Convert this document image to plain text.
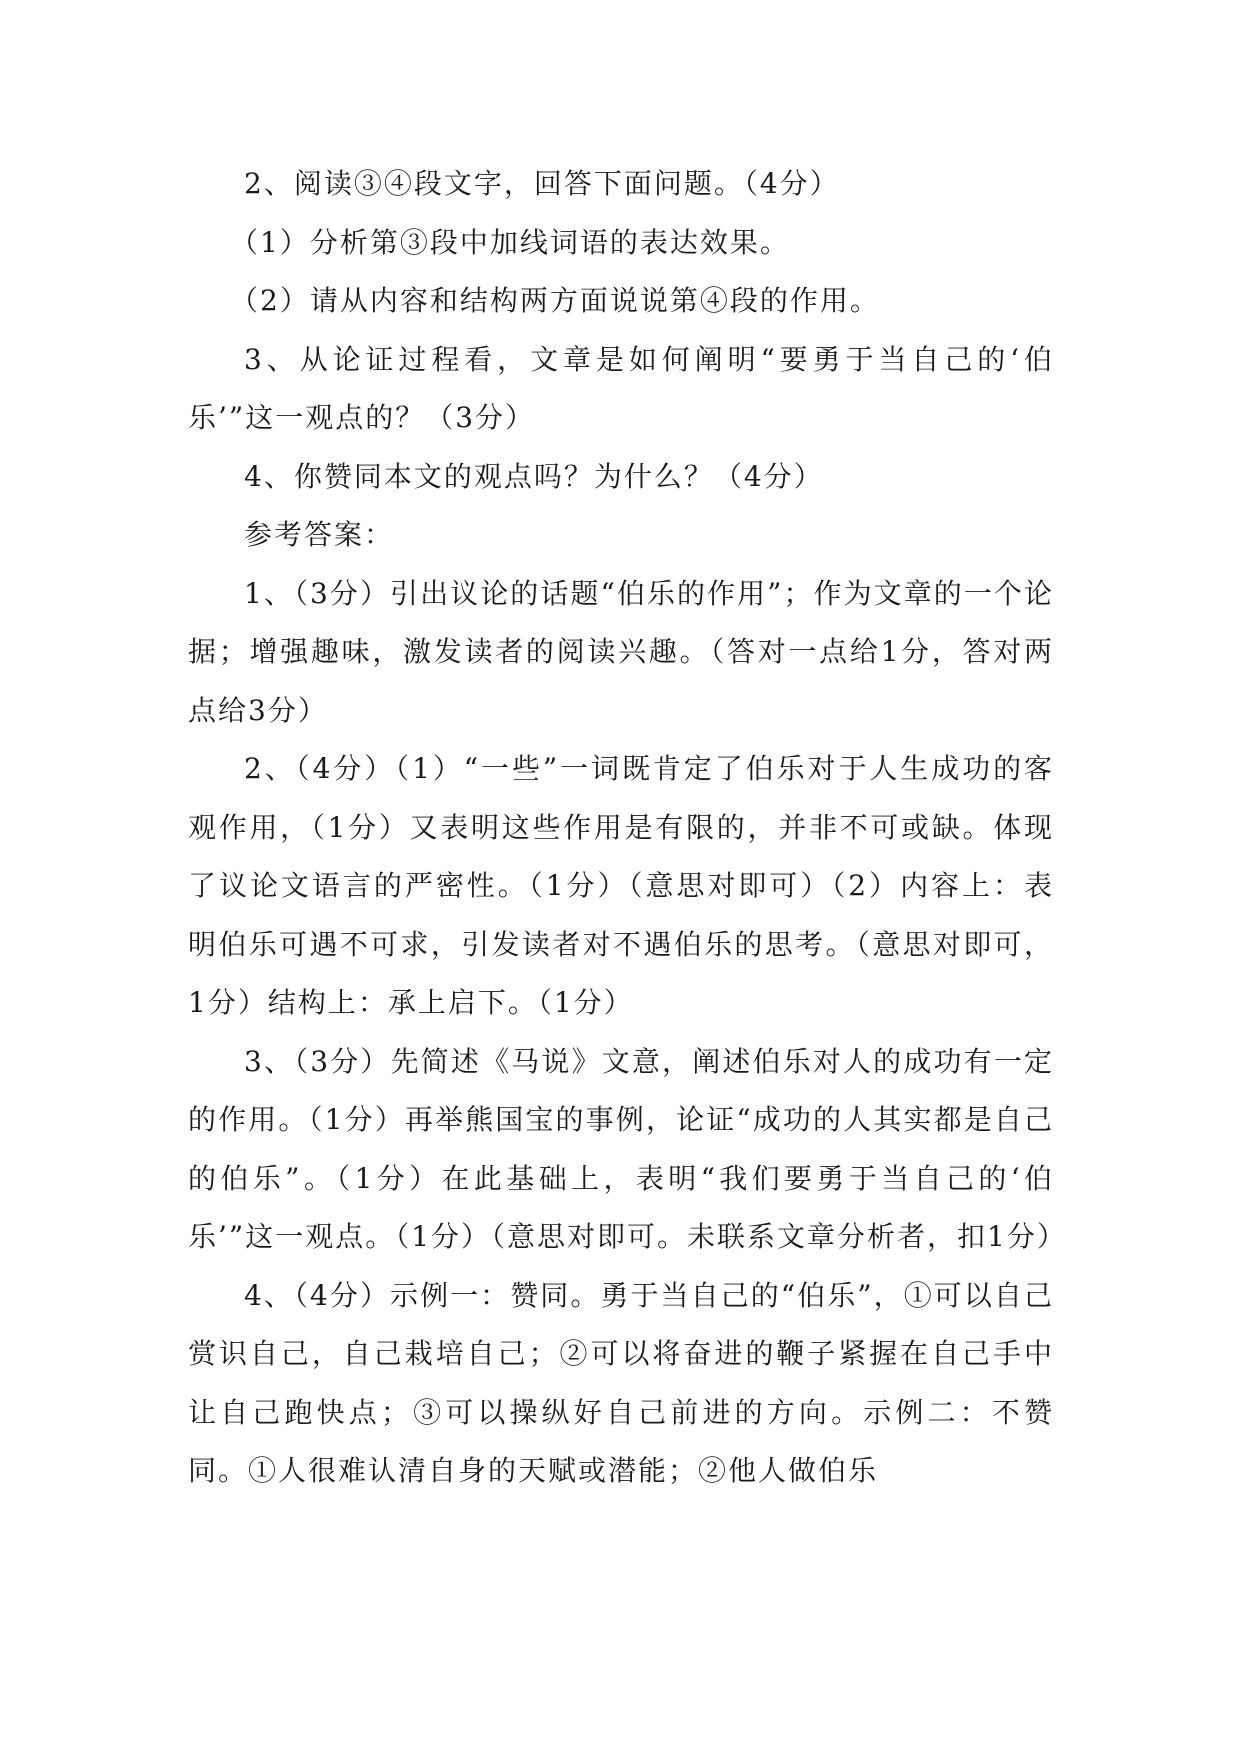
2、阅读③④段文字，回答下面问题。（4分）

（1）分析第③段中加线词语的表达效果。

（2）请从内容和结构两方面说说第④段的作用。

3、从论证过程看，文章是如何阐明“要勇于当自己的‘伯乐’”这一观点的？（3分）

4、你赞同本文的观点吗？为什么？（4分）

参考答案：

1、（3分）引出议论的话题“伯乐的作用”；作为文章的一个论据；增强趣味，激发读者的阅读兴趣。（答对一点给1分，答对两点给3分）

2、（4分）（1）“一些”一词既肯定了伯乐对于人生成功的客观作用，（1分）又表明这些作用是有限的，并非不可或缺。体现了议论文语言的严密性。（1分）（意思对即可）（2）内容上：表明伯乐可遇不可求，引发读者对不遇伯乐的思考。（意思对即可，1分）结构上：承上启下。（1分）

3、（3分）先简述《马说》文意，阐述伯乐对人的成功有一定的作用。（1分）再举熊国宝的事例，论证“成功的人其实都是自己的伯乐”。（1分）在此基础上，表明“我们要勇于当自己的‘伯乐’”这一观点。（1分）（意思对即可。未联系文章分析者，扣1分）

4、（4分）示例一：赞同。勇于当自己的“伯乐”，①可以自己赏识自己，自己栽培自己；②可以将奋进的鞭子紧握在自己手中让自己跑快点；③可以操纵好自己前进的方向。示例二：不赞同。①人很难认清自身的天赋或潜能；②他人做伯乐
